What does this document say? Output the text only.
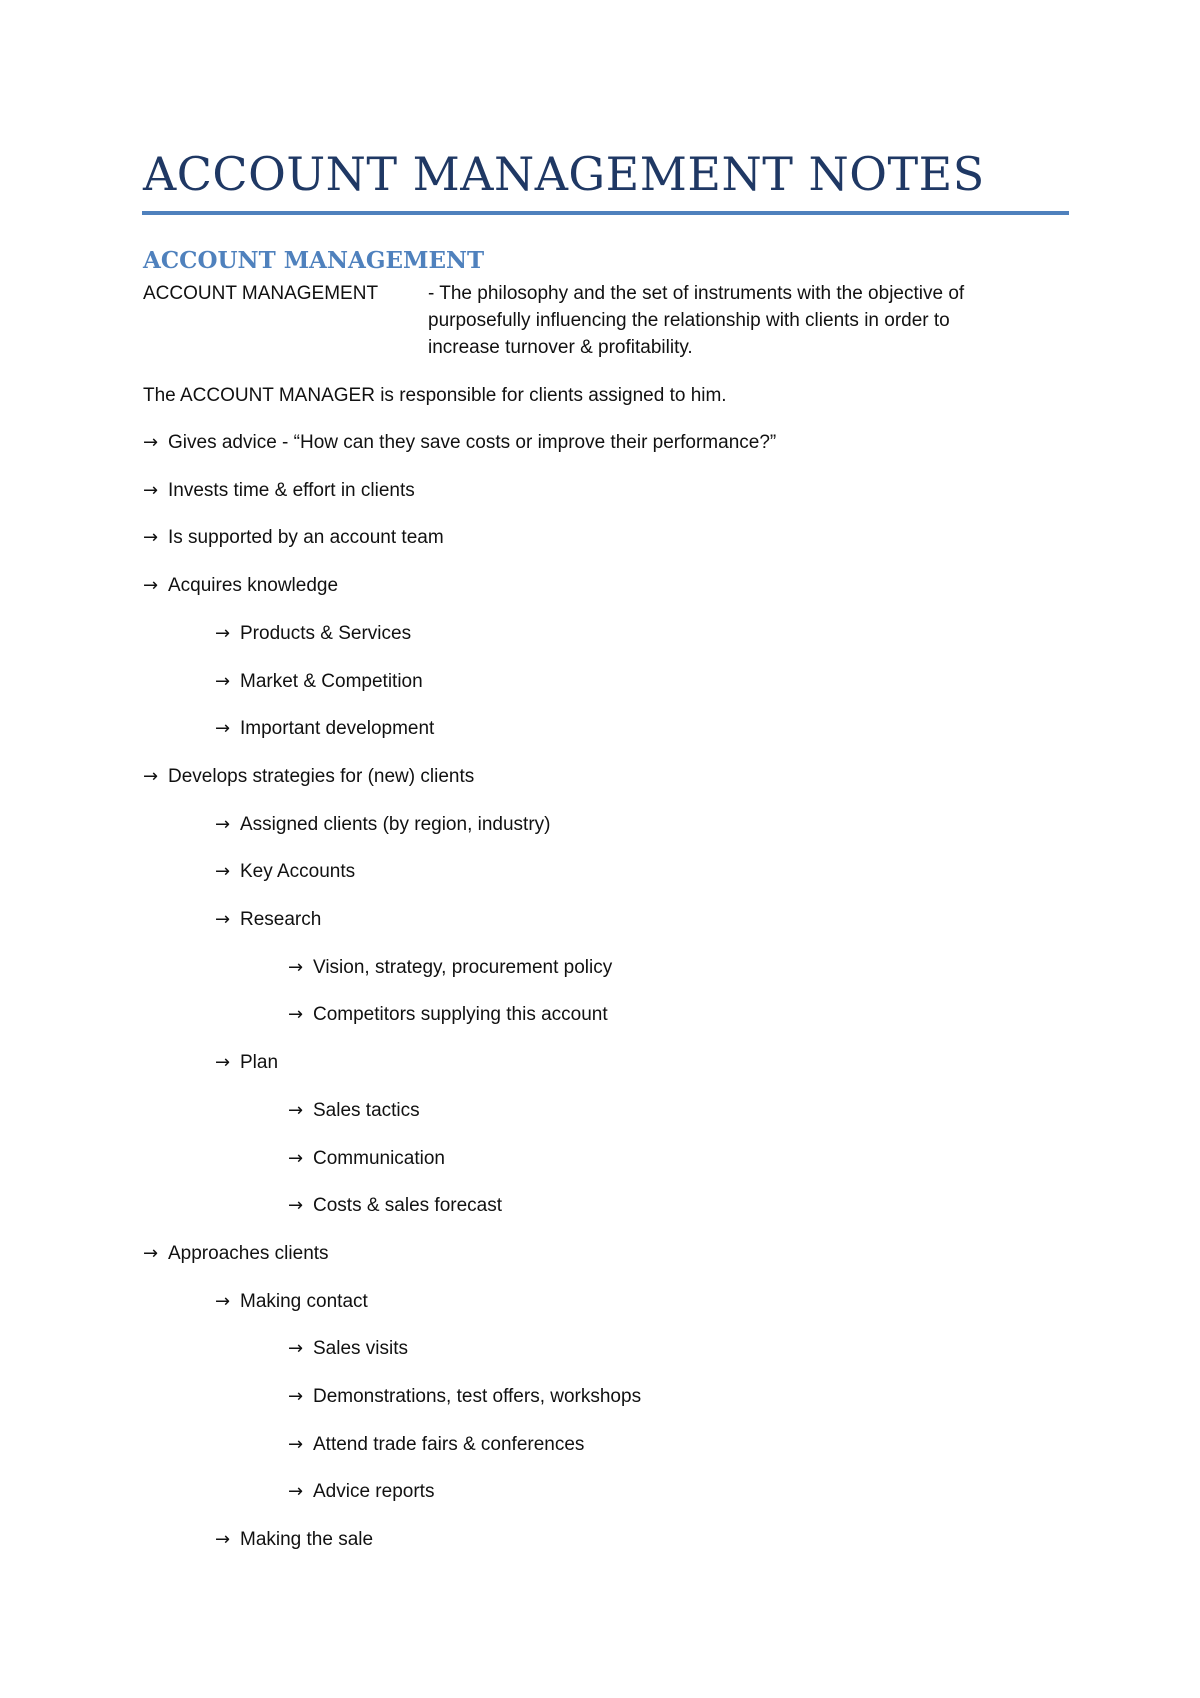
ACCOUNT MANAGEMENT NOTES
ACCOUNT MANAGEMENT
ACCOUNT MANAGEMENT	- The philosophy and the set of instruments with the objective of
purposefully influencing the relationship with clients in order to
increase turnover & profitability.
The ACCOUNT MANAGER is responsible for clients assigned to him.
→ Gives advice - “How can they save costs or improve their performance?”
→ Invests time & effort in clients
→ Is supported by an account team
→ Acquires knowledge
→ Products & Services
→ Market & Competition
→ Important development
→ Develops strategies for (new) clients
→ Assigned clients (by region, industry)
→ Key Accounts
→ Research
→ Vision, strategy, procurement policy
→ Competitors supplying this account
→ Plan
→ Sales tactics
→ Communication
→ Costs & sales forecast
→ Approaches clients
→ Making contact
→ Sales visits
→ Demonstrations, test offers, workshops
→ Attend trade fairs & conferences
→ Advice reports
→ Making the sale
